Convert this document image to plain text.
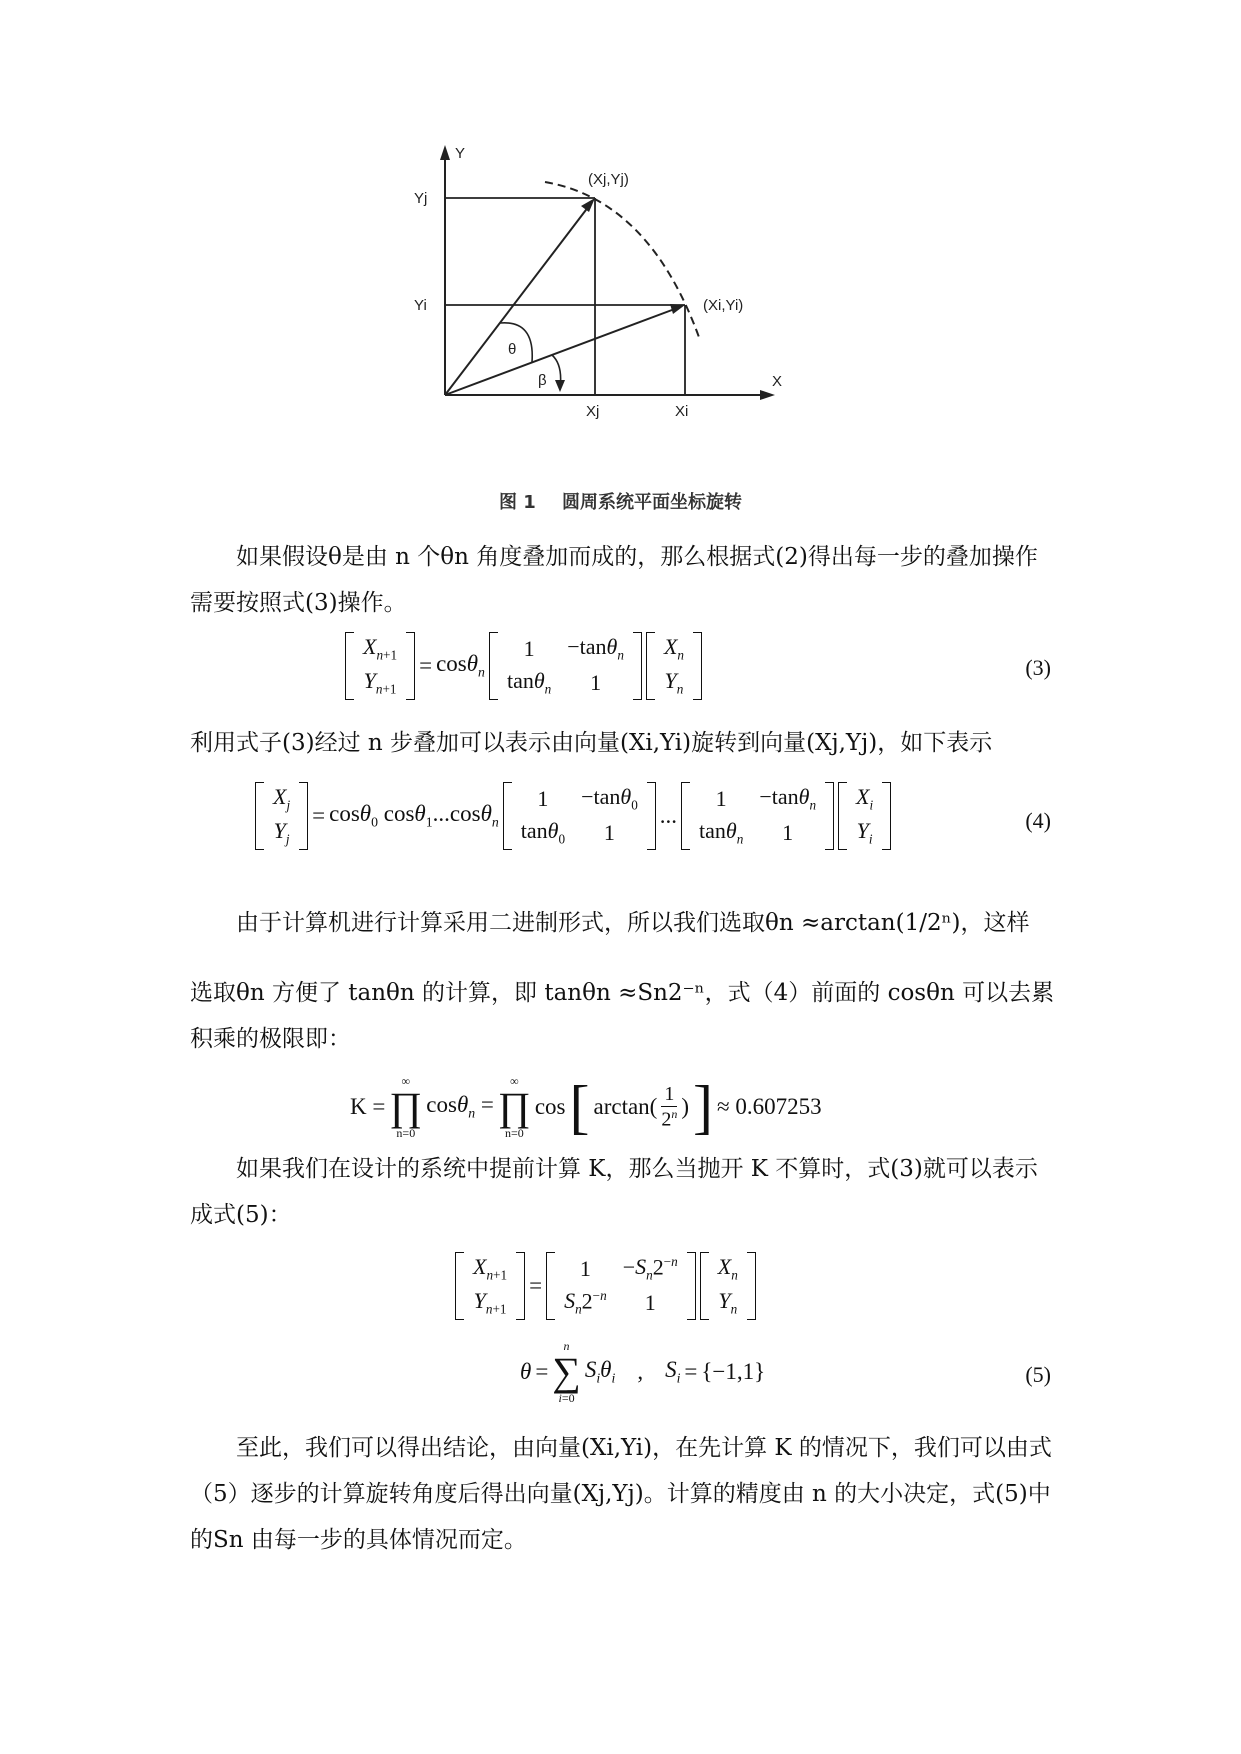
Y
X
Yj
Yi
Xj	Xi
(Xj,Yj)
(Xi,Yi)
θ
β
图 1 圆周系统平面坐标旋转
如果假设θ是由 n 个θn 角度叠加而成的，那么根据式(2)得出每一步的叠加操作需要按照式(3)操作。
$X_{n+1}$
$Y_{n+1}$
= cosθ$_n$
1	−tanθ$_n$
tanθ$_n$	1
$X_n$
$Y_n$
(3)
利用式子(3)经过 n 步叠加可以表示由向量(Xi,Yi)旋转到向量(Xj,Yj)，如下表示
$X_j$
$Y_j$
= cosθ$_0$ cosθ$_1$...cosθ$_n$
1	−tanθ$_0$
tanθ$_0$	1
...
1	−tanθ$_n$
tanθ$_n$	1
$X_i$
$Y_i$
(4)
由于计算机进行计算采用二进制形式，所以我们选取θn ≈arctan(1/2ⁿ)，这样
选取θn 方便了 tanθn 的计算，即 tanθn ≈Sn2⁻ⁿ，式（4）前面的 cosθn 可以去累积乘的极限即：
K =
∞
∏
n=0
cosθ$_n$ =
∞
∏
n=0
cos [ $\arctan( \frac{1}{2^n}$ ) ] ≈ 0.607253
如果我们在设计的系统中提前计算 K，那么当抛开 K 不算时，式(3)就可以表示成式(5)：
$X_{n+1}$
$Y_{n+1}$
=
1	$-S_n2^{-n}$
$S_n2^{-n}$	1
$X_n$
$Y_n$
θ =
n
∑
i=0
$S_i\theta_i$ , $S_i = \{-1,1\}$	(5)
至此，我们可以得出结论，由向量(Xi,Yi)，在先计算 K 的情况下，我们可以由式（5）逐步的计算旋转角度后得出向量(Xj,Yj)。计算的精度由 n 的大小决定，式(5)中的Sn 由每一步的具体情况而定。
